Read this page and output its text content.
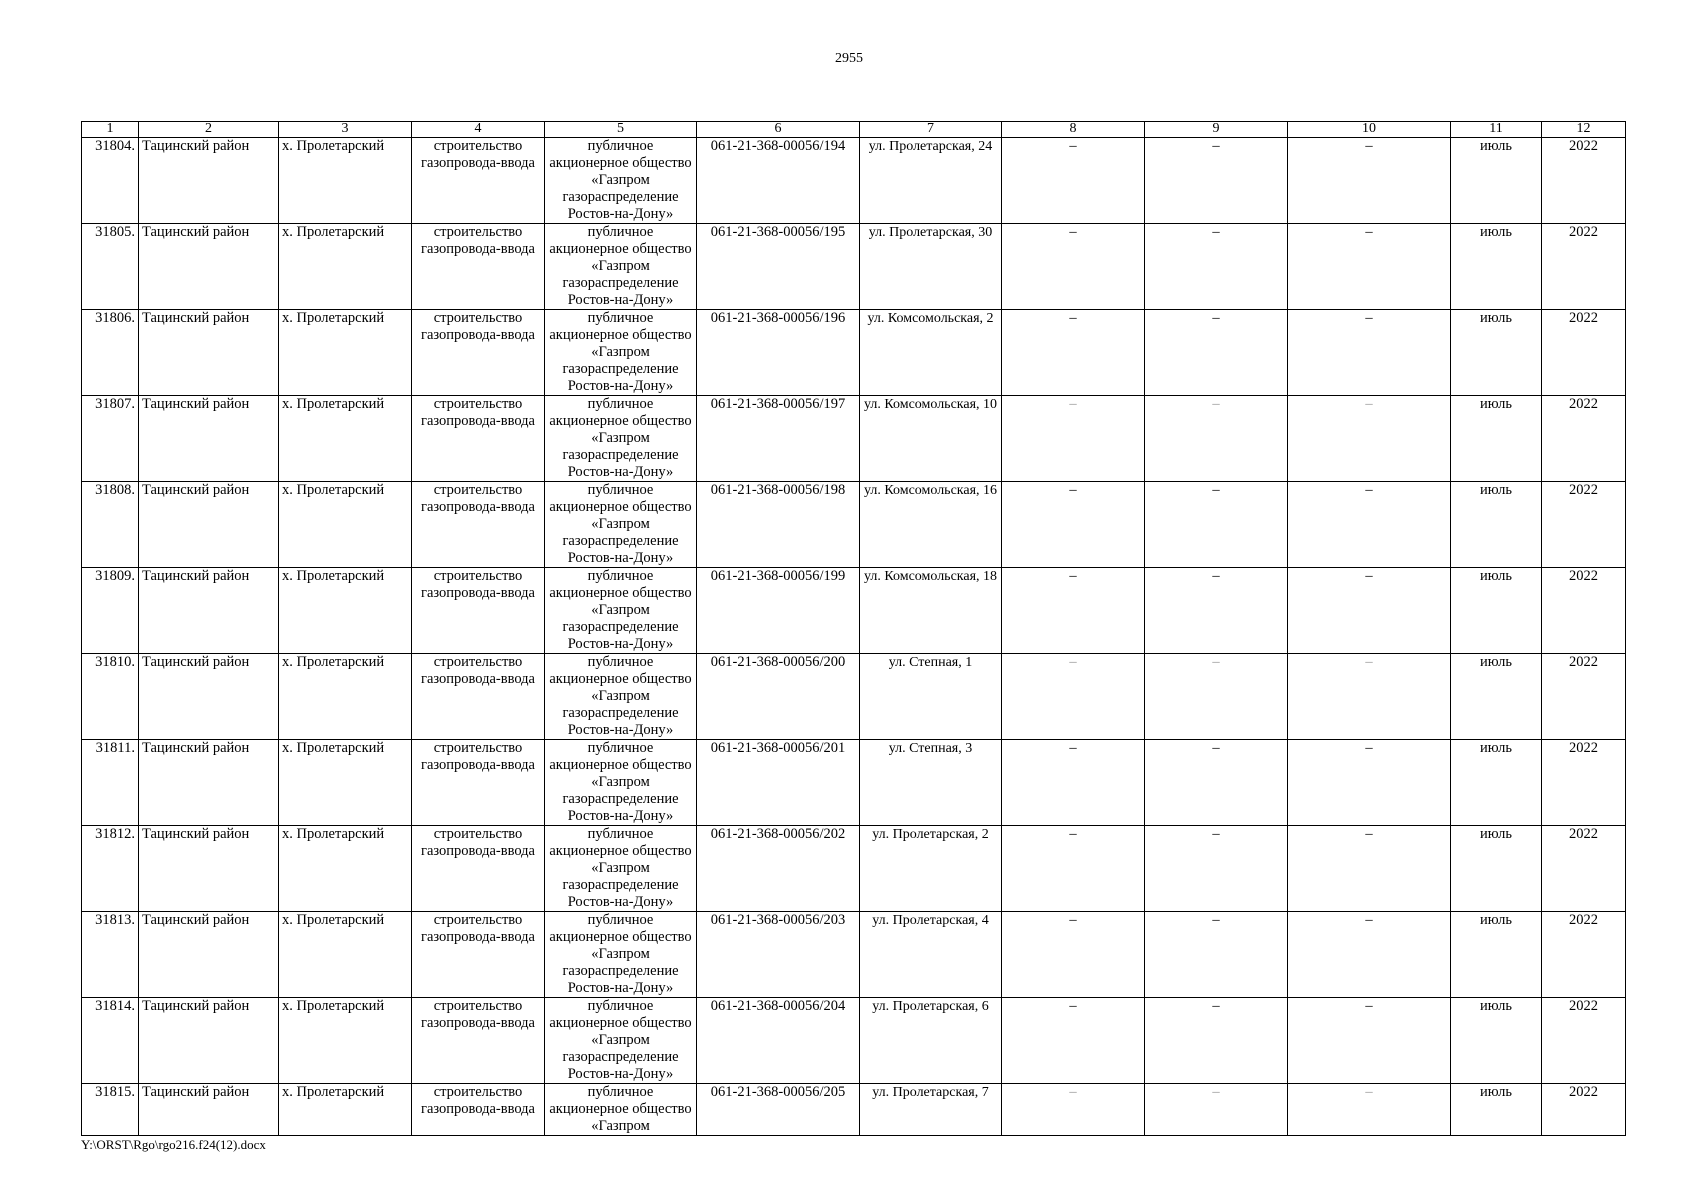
2955
1	2	3	4	5	6	7	8	9	10	11	12
31804.	Тацинский район	х. Пролетарский	строительство газопровода-ввода	публичное акционерное общество «Газпром газораспределение Ростов-на-Дону»	061-21-368-00056/194	ул. Пролетарская, 24	–	–	–	июль	2022
31805.	Тацинский район	х. Пролетарский	строительство газопровода-ввода	публичное акционерное общество «Газпром газораспределение Ростов-на-Дону»	061-21-368-00056/195	ул. Пролетарская, 30	–	–	–	июль	2022
31806.	Тацинский район	х. Пролетарский	строительство газопровода-ввода	публичное акционерное общество «Газпром газораспределение Ростов-на-Дону»	061-21-368-00056/196	ул. Комсомольская, 2	–	–	–	июль	2022
31807.	Тацинский район	х. Пролетарский	строительство газопровода-ввода	публичное акционерное общество «Газпром газораспределение Ростов-на-Дону»	061-21-368-00056/197	ул. Комсомольская, 10	–	–	–	июль	2022
31808.	Тацинский район	х. Пролетарский	строительство газопровода-ввода	публичное акционерное общество «Газпром газораспределение Ростов-на-Дону»	061-21-368-00056/198	ул. Комсомольская, 16	–	–	–	июль	2022
31809.	Тацинский район	х. Пролетарский	строительство газопровода-ввода	публичное акционерное общество «Газпром газораспределение Ростов-на-Дону»	061-21-368-00056/199	ул. Комсомольская, 18	–	–	–	июль	2022
31810.	Тацинский район	х. Пролетарский	строительство газопровода-ввода	публичное акционерное общество «Газпром газораспределение Ростов-на-Дону»	061-21-368-00056/200	ул. Степная, 1	–	–	–	июль	2022
31811.	Тацинский район	х. Пролетарский	строительство газопровода-ввода	публичное акционерное общество «Газпром газораспределение Ростов-на-Дону»	061-21-368-00056/201	ул. Степная, 3	–	–	–	июль	2022
31812.	Тацинский район	х. Пролетарский	строительство газопровода-ввода	публичное акционерное общество «Газпром газораспределение Ростов-на-Дону»	061-21-368-00056/202	ул. Пролетарская, 2	–	–	–	июль	2022
31813.	Тацинский район	х. Пролетарский	строительство газопровода-ввода	публичное акционерное общество «Газпром газораспределение Ростов-на-Дону»	061-21-368-00056/203	ул. Пролетарская, 4	–	–	–	июль	2022
31814.	Тацинский район	х. Пролетарский	строительство газопровода-ввода	публичное акционерное общество «Газпром газораспределение Ростов-на-Дону»	061-21-368-00056/204	ул. Пролетарская, 6	–	–	–	июль	2022
31815.	Тацинский район	х. Пролетарский	строительство газопровода-ввода	публичное акционерное общество «Газпром	061-21-368-00056/205	ул. Пролетарская, 7	–	–	–	июль	2022
Y:\ORST\Rgo\rgo216.f24(12).docx
